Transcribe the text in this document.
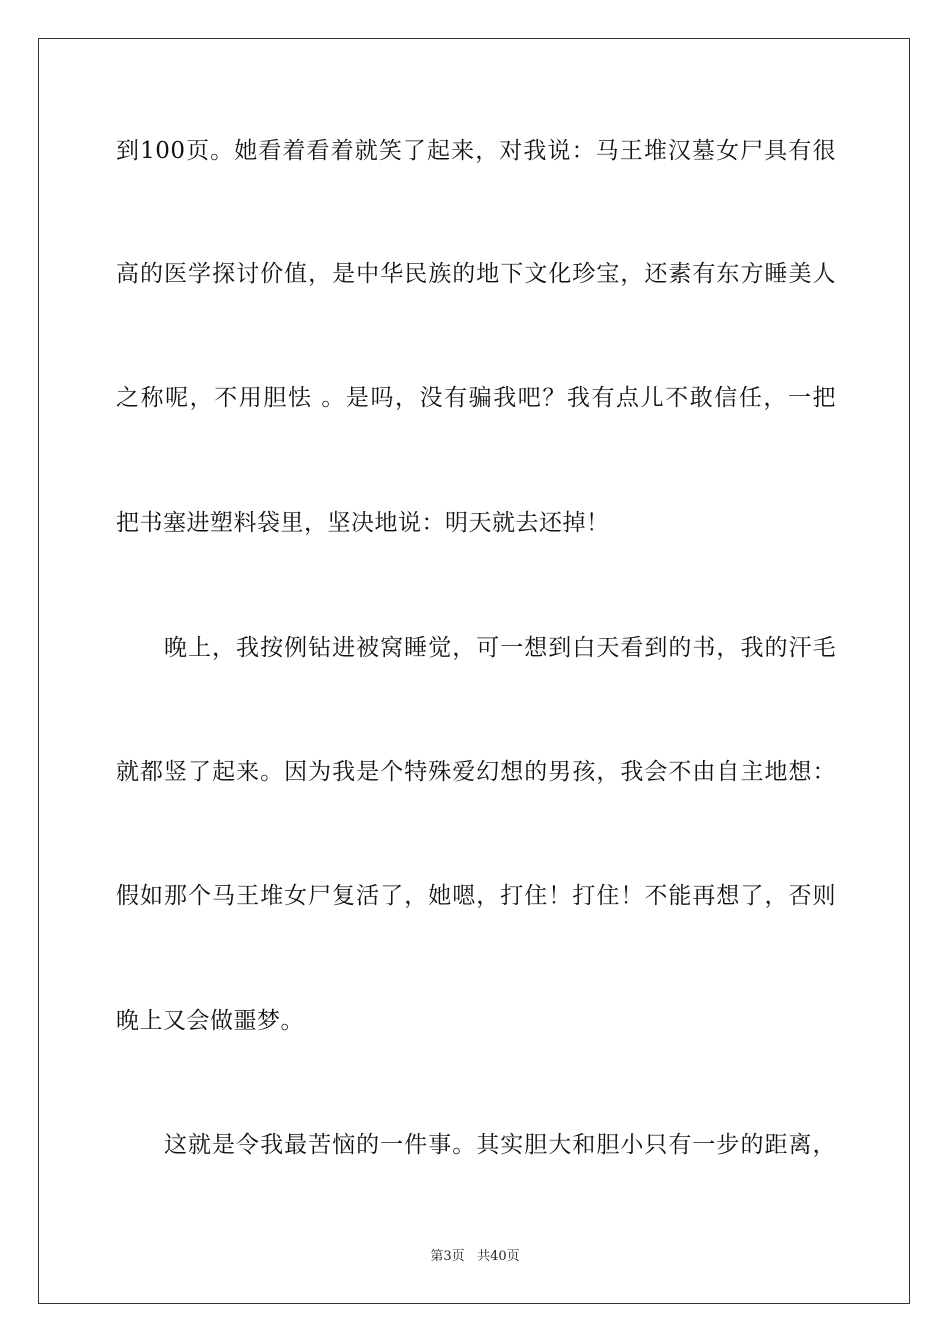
到100页。她看着看着就笑了起来，对我说：马王堆汉墓女尸具有很
高的医学探讨价值，是中华民族的地下文化珍宝，还素有东方睡美人
之称呢，不用胆怯 。是吗，没有骗我吧？我有点儿不敢信任，一把
把书塞进塑料袋里，坚决地说：明天就去还掉！
晚上，我按例钻进被窝睡觉，可一想到白天看到的书，我的汗毛
就都竖了起来。因为我是个特殊爱幻想的男孩，我会不由自主地想：
假如那个马王堆女尸复活了，她嗯，打住！打住！不能再想了，否则
晚上又会做噩梦。
这就是令我最苦恼的一件事。其实胆大和胆小只有一步的距离，
第3页 共40页
